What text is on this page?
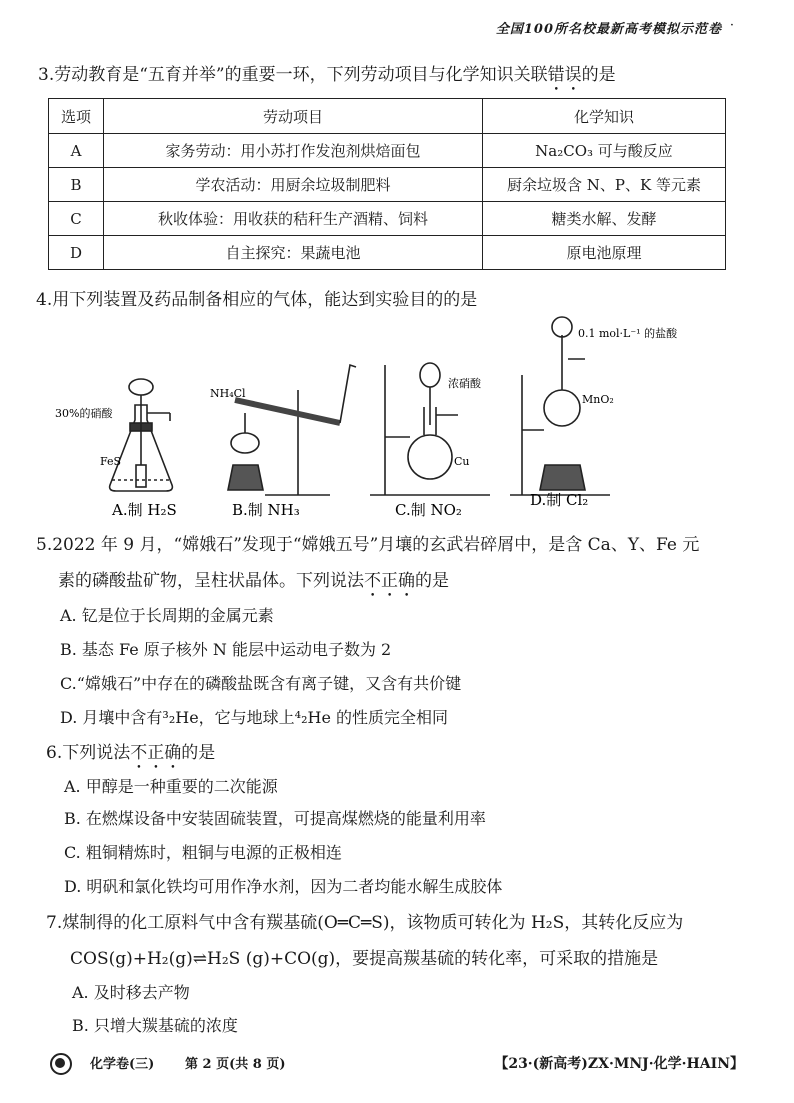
全国100所名校最新高考模拟示范卷 ·
3.劳动教育是“五育并举”的重要一环，下列劳动项目与化学知识关联错误的是
选项	劳动项目	化学知识
A	家务劳动：用小苏打作发泡剂烘焙面包	Na₂CO₃ 可与酸反应
B	学农活动：用厨余垃圾制肥料	厨余垃圾含 N、P、K 等元素
C	秋收体验：用收获的秸秆生产酒精、饲料	糖类水解、发酵
D	自主探究：果蔬电池	原电池原理
4.用下列装置及药品制备相应的气体，能达到实验目的的是
30%的硝酸
FeS
NH₄Cl
浓硝酸
Cu
0.1 mol·L⁻¹ 的盐酸
MnO₂
A.制 H₂S	B.制 NH₃	C.制 NO₂
D.制 Cl₂
5.2022 年 9 月，“嫦娥石”发现于“嫦娥五号”月壤的玄武岩碎屑中，是含 Ca、Y、Fe 元
素的磷酸盐矿物，呈柱状晶体。下列说法不正确的是
A. 钇是位于长周期的金属元素
B. 基态 Fe 原子核外 N 能层中运动电子数为 2
C.“嫦娥石”中存在的磷酸盐既含有离子键，又含有共价键
D. 月壤中含有³₂He，它与地球上⁴₂He 的性质完全相同
6.下列说法不正确的是
A. 甲醇是一种重要的二次能源
B. 在燃煤设备中安装固硫装置，可提高煤燃烧的能量利用率
C. 粗铜精炼时，粗铜与电源的正极相连
D. 明矾和氯化铁均可用作净水剂，因为二者均能水解生成胶体
7.煤制得的化工原料气中含有羰基硫(O═C═S)，该物质可转化为 H₂S，其转化反应为
COS(g)+H₂(g)⇌H₂S (g)+CO(g)，要提高羰基硫的转化率，可采取的措施是
A. 及时移去产物
B. 只增大羰基硫的浓度
化学卷(三) 第 2 页(共 8 页)	【23·(新高考)ZX·MNJ·化学·HAIN】
